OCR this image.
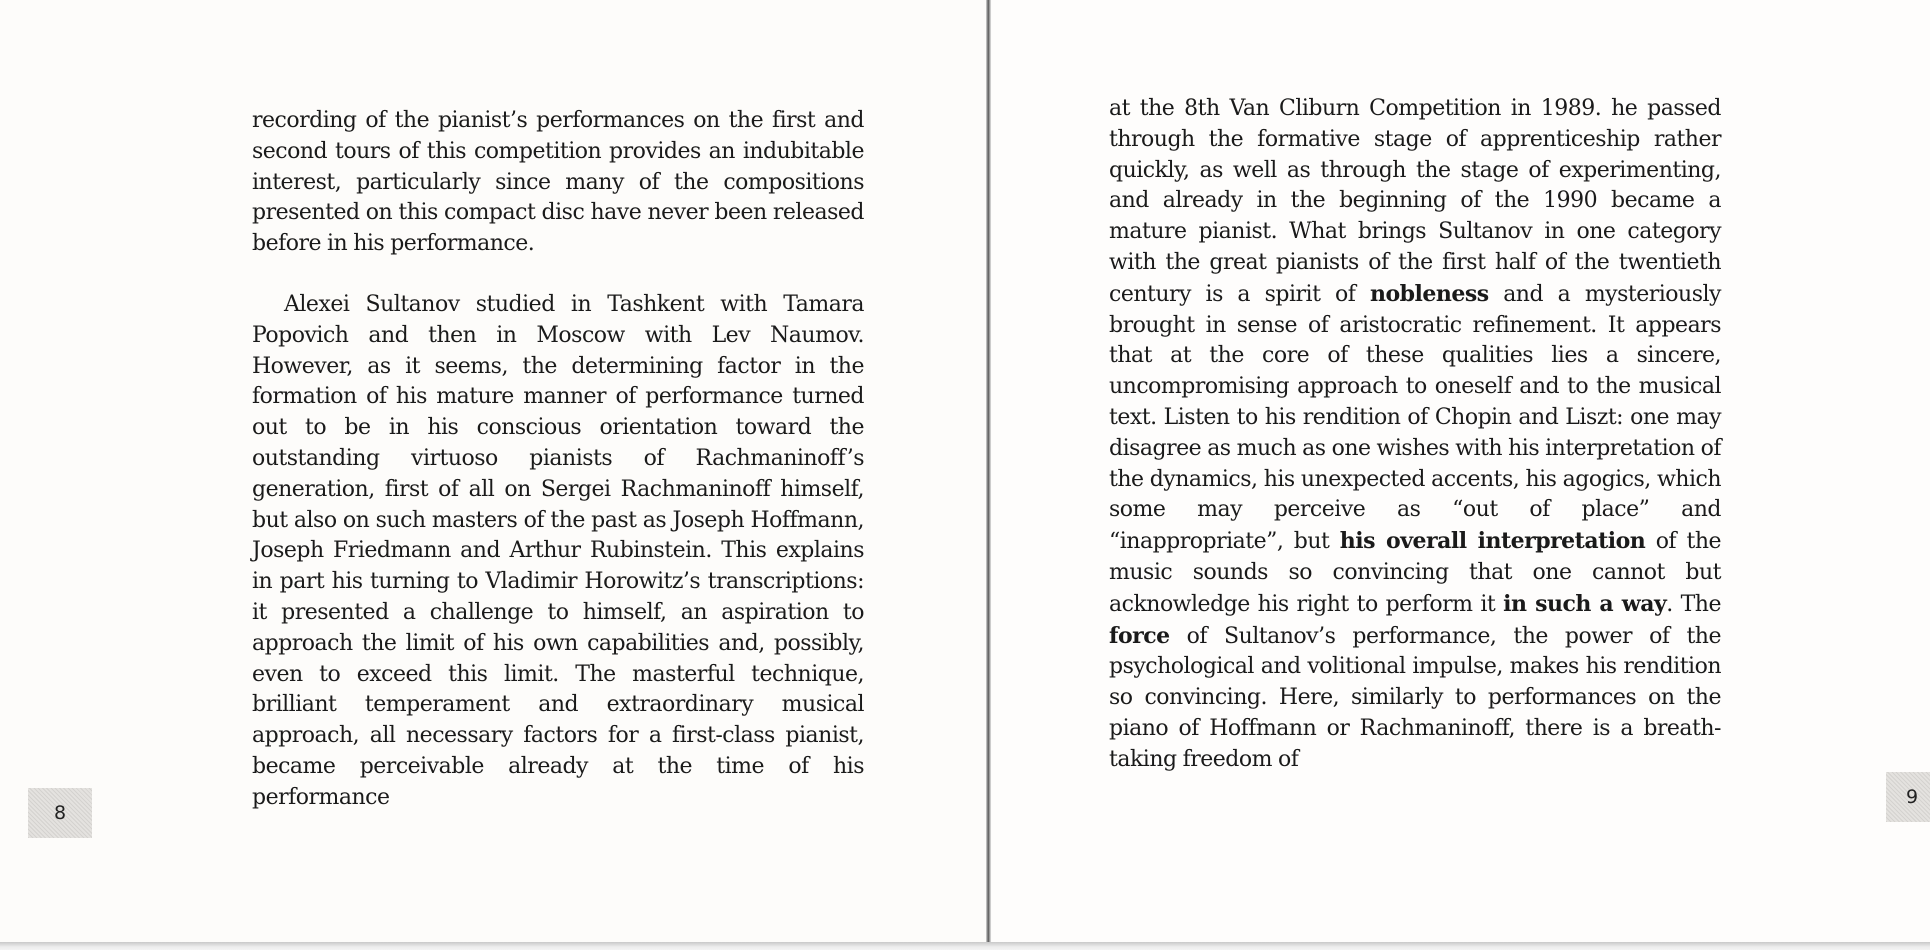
recording of the pianist’s performances on the first and second tours of this competition provides an indubitable interest, particularly since many of the compositions presented on this compact disc have never been released before in his performance.

Alexei Sultanov studied in Tashkent with Tamara Popovich and then in Moscow with Lev Naumov. However, as it seems, the determining factor in the formation of his mature manner of performance turned out to be in his conscious orientation toward the outstanding virtuoso pianists of Rachmaninoff’s generation, first of all on Sergei Rachmaninoff himself, but also on such masters of the past as Joseph Hoffmann, Joseph Friedmann and Arthur Rubinstein. This explains in part his turning to Vladimir Horowitz’s transcriptions: it presented a challenge to himself, an aspiration to approach the limit of his own capabilities and, possibly, even to exceed this limit. The masterful technique, brilliant temperament and extraordinary musical approach, all necessary factors for a first-class pianist, became perceivable already at the time of his performance

8

at the 8th Van Cliburn Competition in 1989. he passed through the formative stage of apprenticeship rather quickly, as well as through the stage of experimenting, and already in the beginning of the 1990 became a mature pianist. What brings Sultanov in one category with the great pianists of the first half of the twentieth century is a spirit of nobleness and a mysteriously brought in sense of aristocratic refinement. It appears that at the core of these qualities lies a sincere, uncompromising approach to oneself and to the musical text. Listen to his rendition of Chopin and Liszt: one may disagree as much as one wishes with his interpretation of the dynamics, his unexpected accents, his agogics, which some may perceive as “out of place” and “inappropriate”, but his overall interpretation of the music sounds so convincing that one cannot but acknowledge his right to perform it in such a way. The force of Sultanov’s performance, the power of the psychological and volitional impulse, makes his rendition so convincing. Here, similarly to performances on the piano of Hoffmann or Rachmaninoff, there is a breath-taking freedom of

9
